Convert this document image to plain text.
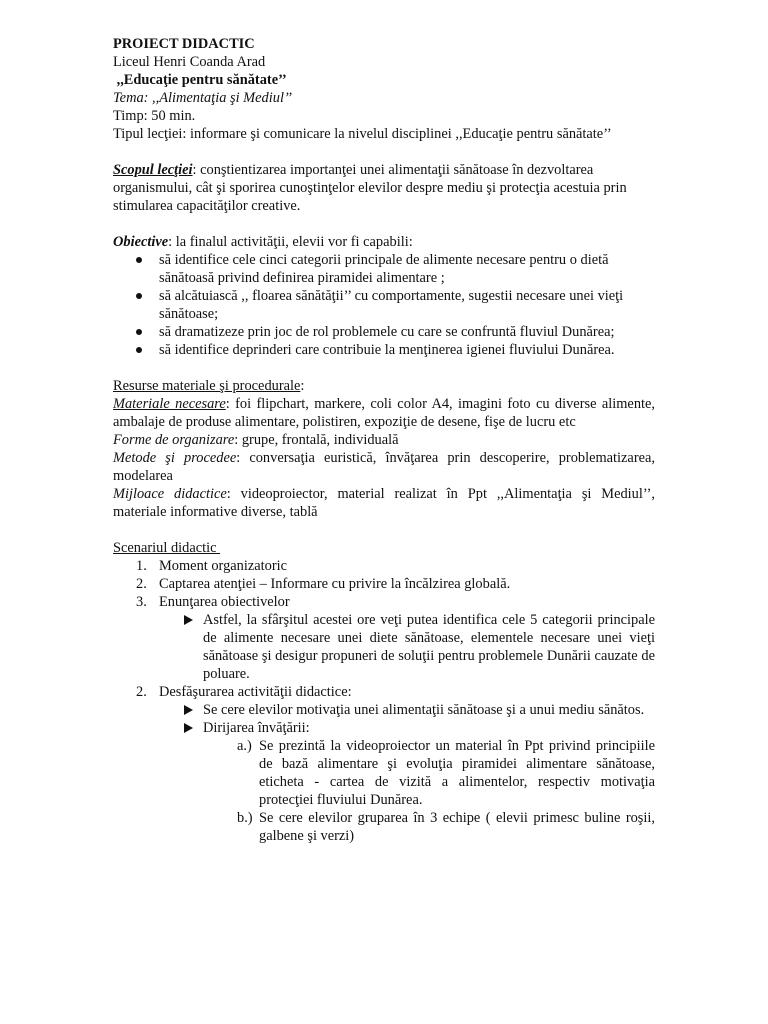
PROIECT DIDACTIC

Liceul Henri Coanda Arad

,,Educaţie pentru sănătate’’

Tema: ,,Alimentaţia şi Mediul’’

Timp: 50 min.

Tipul lecţiei: informare şi comunicare la nivelul disciplinei ,,Educaţie pentru sănătate’’

Scopul lecţiei: conştientizarea importanţei unei alimentaţii sănătoase în dezvoltarea organismului, cât şi sporirea cunoştinţelor elevilor despre mediu şi protecţia acestuia prin stimularea capacităţilor creative.

Obiective: la finalul activităţii, elevii vor fi capabili:

să identifice cele cinci categorii principale de alimente necesare pentru o dietă sănătoasă privind definirea piramidei alimentare ;
să alcătuiască ,, floarea sănătăţii’’ cu comportamente, sugestii necesare unei vieţi sănătoase;
să dramatizeze prin joc de rol problemele cu care se confruntă fluviul Dunărea;
să identifice deprinderi care contribuie la menţinerea igienei fluviului Dunărea.

Resurse materiale şi procedurale:

Materiale necesare: foi flipchart, markere, coli color A4, imagini foto cu diverse alimente, ambalaje de produse alimentare, polistiren, expoziţie de desene, fişe de lucru etc

Forme de organizare: grupe, frontală, individuală

Metode şi procedee: conversaţia euristică, învăţarea prin descoperire, problematizarea, modelarea

Mijloace didactice: videoproiector, material realizat în Ppt ,,Alimentaţia şi Mediul’’, materiale informative diverse, tablă

Scenariul didactic

1. Moment organizatoric
2. Captarea atenţiei – Informare cu privire la încălzirea globală.
3. Enunţarea obiectivelor
Astfel, la sfârşitul acestei ore veţi putea identifica cele 5 categorii principale de alimente necesare unei diete sănătoase, elementele necesare unei vieţi sănătoase şi desigur propuneri de soluţii pentru problemele Dunării cauzate de poluare.
2. Desfăşurarea activităţii didactice:
Se cere elevilor motivaţia unei alimentaţii sănătoase şi a unui mediu sănătos.
Dirijarea învăţării:
a.) Se prezintă la videoproiector un material în Ppt privind principiile de bază alimentare şi evoluţia piramidei alimentare sănătoase, eticheta - cartea de vizită a alimentelor, respectiv motivaţia protecţiei fluviului Dunărea.
b.) Se cere elevilor gruparea în 3 echipe ( elevii primesc buline roşii, galbene şi verzi)
